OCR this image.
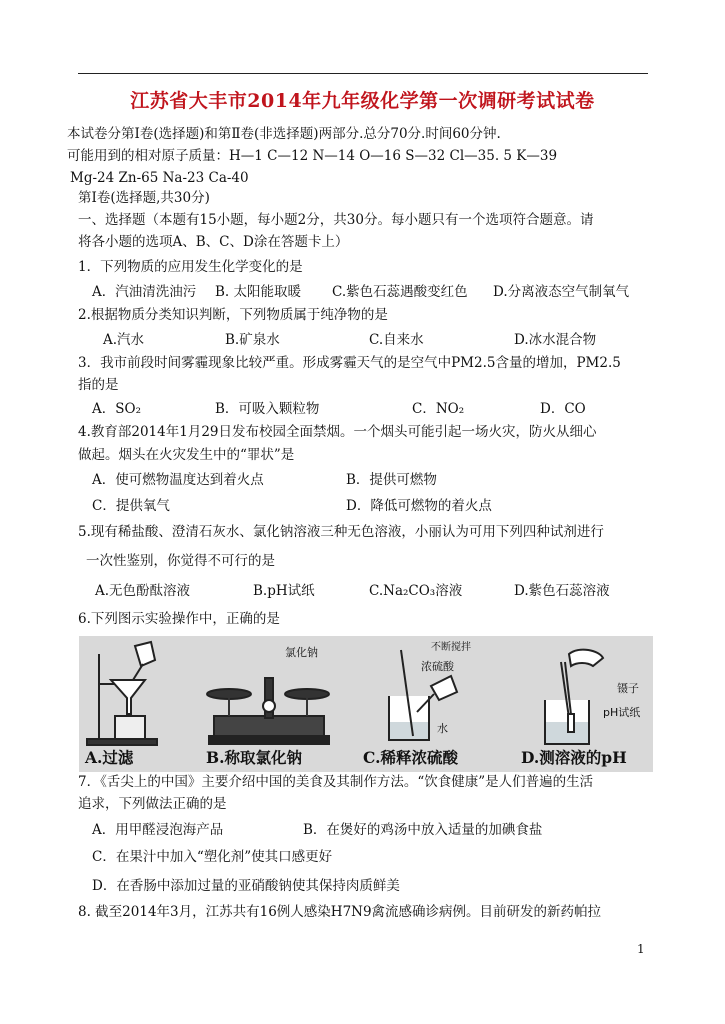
江苏省大丰市2014年九年级化学第一次调研考试试卷
本试卷分第Ⅰ卷(选择题)和第Ⅱ卷(非选择题)两部分.总分70分.时间60分钟.
可能用到的相对原子质量：H—1 C—12 N—14 O—16 S—32 Cl—35. 5 K—39
Mg-24 Zn-65 Na-23 Ca-40
第Ⅰ卷(选择题,共30分)
一、选择题（本题有15小题，每小题2分，共30分。每小题只有一个选项符合题意。请
将各小题的选项A、B、C、D涂在答题卡上）
1．下列物质的应用发生化学变化的是
A．汽油清洗油污 B. 太阳能取暖 C.紫色石蕊遇酸变红色 D.分离液态空气制氧气
2.根据物质分类知识判断，下列物质属于纯净物的是
A.汽水	B.矿泉水	C.自来水	D.冰水混合物
3．我市前段时间雾霾现象比较严重。形成雾霾天气的是空气中PM2.5含量的增加，PM2.5
指的是
A．SO₂	B．可吸入颗粒物	C．NO₂	D．CO
4.教育部2014年1月29日发布校园全面禁烟。一个烟头可能引起一场火灾，防火从细心
做起。烟头在火灾发生中的“罪状”是
A．使可燃物温度达到着火点	B．提供可燃物
C．提供氧气	D．降低可燃物的着火点
5.现有稀盐酸、澄清石灰水、氯化钠溶液三种无色溶液，小丽认为可用下列四种试剂进行
一次性鉴别，你觉得不可行的是
A.无色酚酞溶液	B.pH试纸	C.Na₂CO₃溶液	D.紫色石蕊溶液
6.下列图示实验操作中，正确的是
氯化钠	不断搅拌
浓硫酸
水
镊子
pH试纸
A.过滤	B.称取氯化钠	C.稀释浓硫酸	D.测溶液的pH
7．《舌尖上的中国》主要介绍中国的美食及其制作方法。“饮食健康”是人们普遍的生活
追求，下列做法正确的是
A．用甲醛浸泡海产品	B．在煲好的鸡汤中放入适量的加碘食盐
C．在果汁中加入“塑化剂”使其口感更好
D．在香肠中添加过量的亚硝酸钠使其保持肉质鲜美
8. 截至2014年3月，江苏共有16例人感染H7N9禽流感确诊病例。目前研发的新药帕拉
1
